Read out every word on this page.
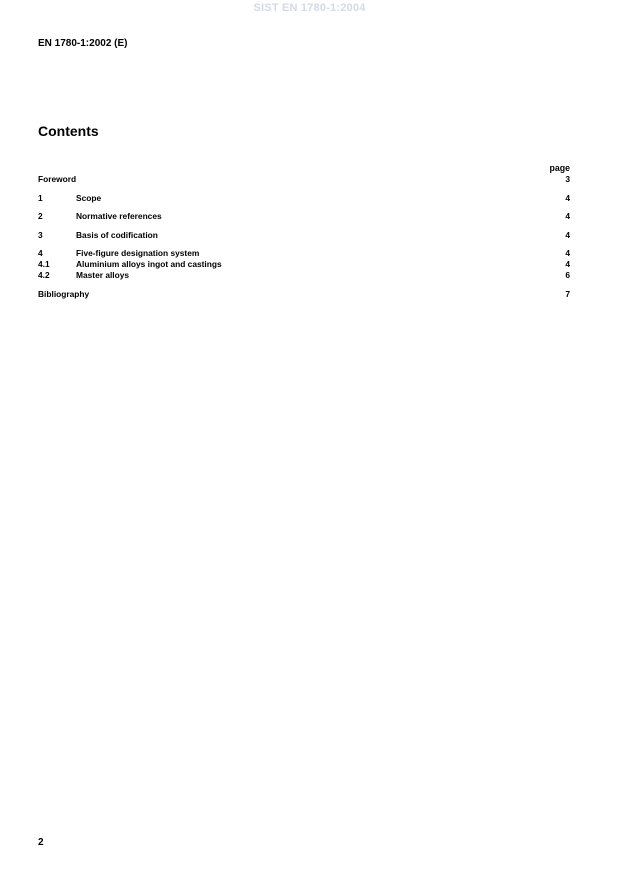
SIST EN 1780-1:2004
EN 1780-1:2002 (E)
Contents
page
Foreword	3
1	Scope	4
2	Normative references	4
3	Basis of codification	4
4	Five-figure designation system	4
4.1	Aluminium alloys ingot and castings	4
4.2	Master alloys	6
Bibliography	7
2
